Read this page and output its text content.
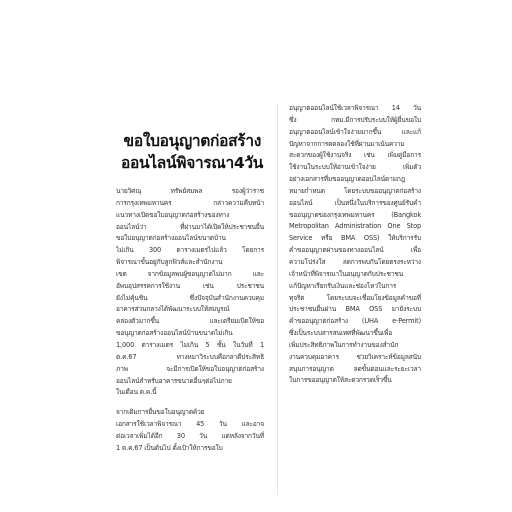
ขอใบอนุญาตก่อสร้าง
ออนไลน์พิจารณา4วัน
นายวิศณุ ทรัพย์สมพล รองผู้ว่าราช
การกรุงเทพมหานคร กล่าวความคืบหน้า
แนวทางเปิดขอใบอนุญาตก่อสร้างของทาง
ออนไลน์ว่า ที่ผ่านมาได้เปิดให้ประชาชนยื่น
ขอใบอนุญาตก่อสร้างออนไลน์ขนาดบ้าน
ไม่เกิน 300 ตารางเมตรไปแล้ว โดยการ
พิจารณาขั้นอยู่กับลูกฟิวส์และสำนักงาน
เขต จากข้อมูลพบผู้ขอนุญาตไม่มาก และ
อัพบอุปสรรคการใช้งาน เช่น ประชาชน
ยังไม่คุ้นชิน ซึ่งปัจจุบันสำนักงานควบคุม
อาคารส่วนกลางได้พัฒนาระบบให้สมบูรณ์
คล่องตัวมากขึ้น และเตรียมเปิดให้ขอ
ขอนุญาตก่อสร้างออนไลน์บ้านขนาดไม่เกิน
1,000 ตารางเมตร ไม่เกิน 5 ชั้น ในวันที่ 1
ต.ค.67 ทางหมาวิระบบคือกลาดีประสิทธิ
ภาพ จะมีการเปิดให้ขอใบอนุญาตก่อสร้าง
ออนไลน์สำหรับอาคารขนาดอื่นๆต่อไปภาย
ในเดือน ต.ค.นี้
จากเดิมการยื่นขอใบอนุญาตด้วย
เอกสารใช้เวลาพิจารณา 45 วัน และอาจ
ต่อเวลาเพิ่มได้อีก 30 วัน แต่หลังจากวันที่
1 ต.ค.67 เป็นต้นไป ตั้งเป้าให้การขอใบ
อนุญาตออนไลน์ใช้เวลาพิจารณา 14 วัน
ซึ่ง กทม.มีการปรับระบบให้ผู้ยื่นขอใบ
อนุญาตออนไลน์เข้าใจง่ายมากขึ้น และแก้
ปัญหาจากการตดลองใช้ที่ผ่านมาเน้นความ
สะดวกของผู้ใช้งานจริง เช่น เพิ่มคู่มือการ
ใช้งานในระบบให้อ่านเข้าใจง่าย เพิ่มตัว
อย่างเอกสารที่มขออนุญาตออนไลน์ตามกฎ
หมายกำหนด โดยระบบขออนุญาตก่อสร้าง
ออนไลน์ เป็นหนึ่งในบริการของศูนย์รับคำ
ขออนุญาตของกรุงเทพมหานคร (Bangkok
Metropolitan Administration One Stop
Service หรือ BMA OSS) ให้บริการรับ
คำขออนุญาตผ่านของทางออนไลน์ เพื่อ
ความโปร่งใส ลดการพบกันโดยตรงระหว่าง
เจ้าหน้าที่พิจารณาในอนุญาตกับประชาชน
แก้ปัญหาเรียกรับเงินและช่องโหว่ในการ
ทุจริต โดยระบบจะเชื่อมโยงข้อมูลคำขอที่
ประชาชนยื่นผ่าน BMA OSS มายังระบบ
คำขออนุญาตก่อสร้าง (UHA e-Permit)
ซึ่งเป็นระบบสารสนเทศที่พัฒนาขึ้นเพื่อ
เพิ่มประสิทธิภาพในการทำงานของสำนัก
งานควบคุมอาคาร ช่วยวิเคราะห์ข้อมูลสนับ
สนุนการอนุญาต ลดขั้นตอนและระยะเวลา
ในการขออนุญาตให้สะดวกรวดเร็วขึ้น
